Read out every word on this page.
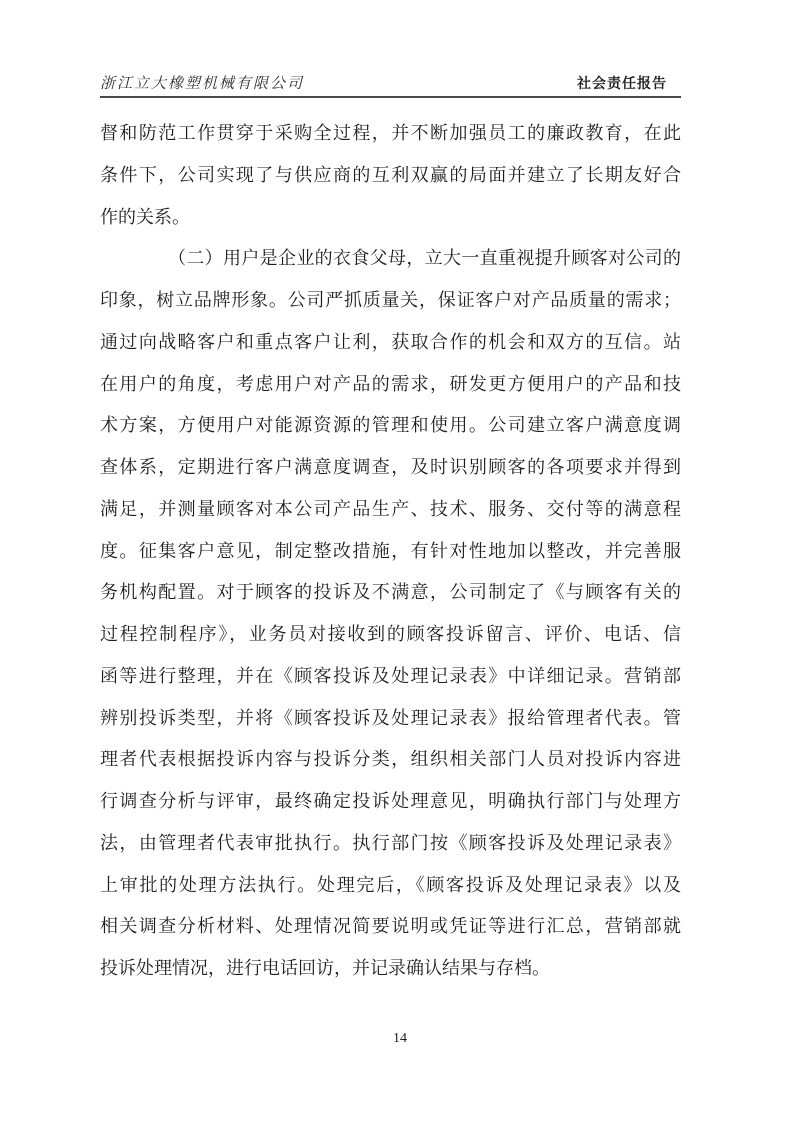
浙江立大橡塑机械有限公司	社会责任报告
督和防范工作贯穿于采购全过程，并不断加强员工的廉政教育，在此
条件下，公司实现了与供应商的互利双赢的局面并建立了长期友好合
作的关系。
（二）用户是企业的衣食父母，立大一直重视提升顾客对公司的
印象，树立品牌形象。公司严抓质量关，保证客户对产品质量的需求；
通过向战略客户和重点客户让利，获取合作的机会和双方的互信。站
在用户的角度，考虑用户对产品的需求，研发更方便用户的产品和技
术方案，方便用户对能源资源的管理和使用。公司建立客户满意度调
查体系，定期进行客户满意度调查，及时识别顾客的各项要求并得到
满足，并测量顾客对本公司产品生产、技术、服务、交付等的满意程
度。征集客户意见，制定整改措施，有针对性地加以整改，并完善服
务机构配置。对于顾客的投诉及不满意，公司制定了《与顾客有关的
过程控制程序》，业务员对接收到的顾客投诉留言、评价、电话、信
函等进行整理，并在《顾客投诉及处理记录表》中详细记录。营销部
辨别投诉类型，并将《顾客投诉及处理记录表》报给管理者代表。管
理者代表根据投诉内容与投诉分类，组织相关部门人员对投诉内容进
行调查分析与评审，最终确定投诉处理意见，明确执行部门与处理方
法，由管理者代表审批执行。执行部门按《顾客投诉及处理记录表》
上审批的处理方法执行。处理完后，《顾客投诉及处理记录表》以及
相关调查分析材料、处理情况简要说明或凭证等进行汇总，营销部就
投诉处理情况，进行电话回访，并记录确认结果与存档。
14
